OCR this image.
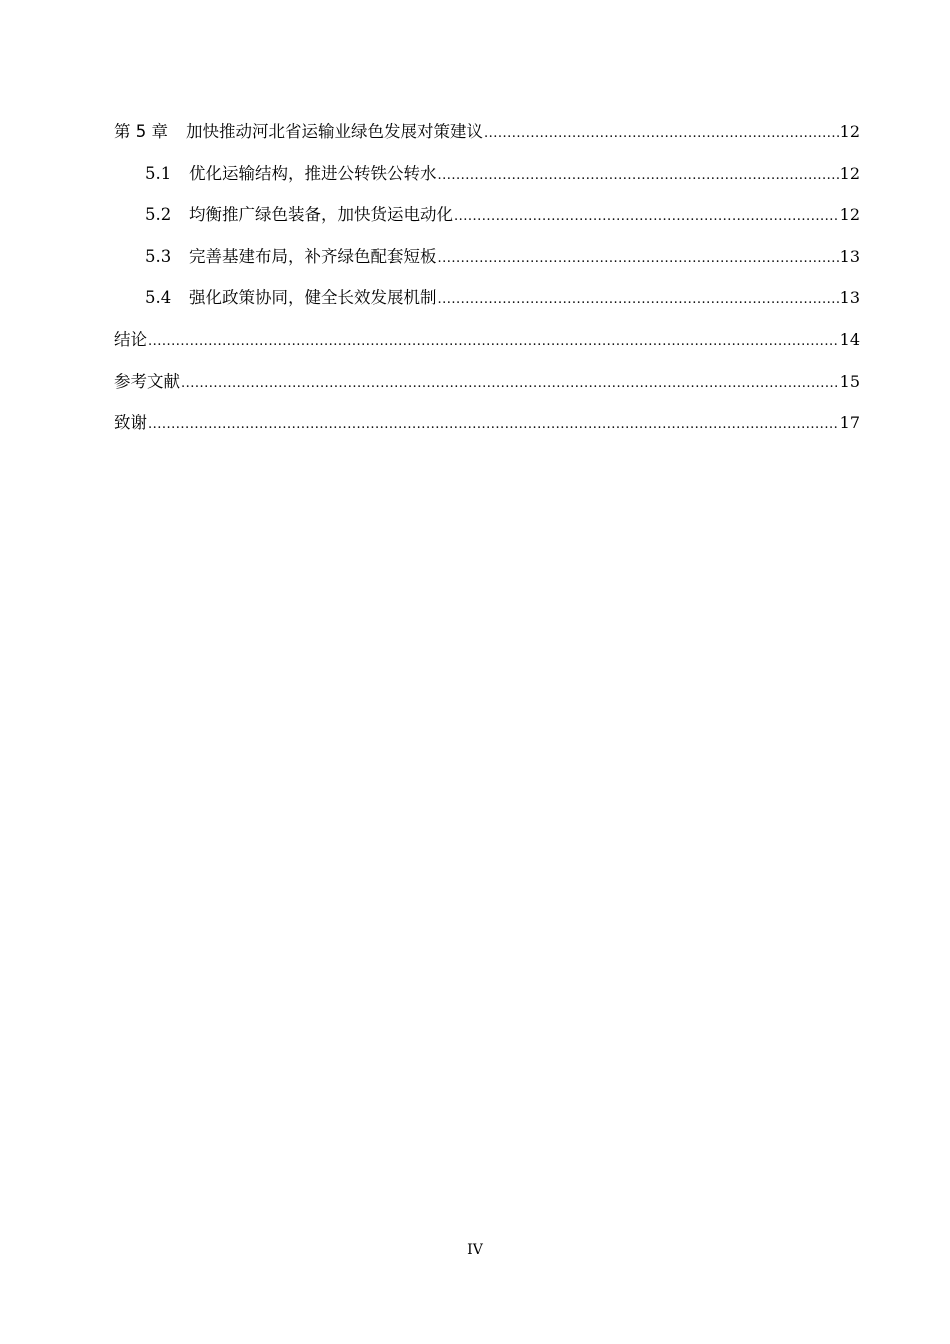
第 5 章 加快推动河北省运输业绿色发展对策建议 .....	12
5.1	优化运输结构，推进公转铁公转水 .....	12
5.2	均衡推广绿色装备，加快货运电动化 .....	12
5.3	完善基建布局，补齐绿色配套短板 .....	13
5.4	强化政策协同，健全长效发展机制 .....	13
结论 .....	14
参考文献 .....	15
致谢 .....	17
IV
